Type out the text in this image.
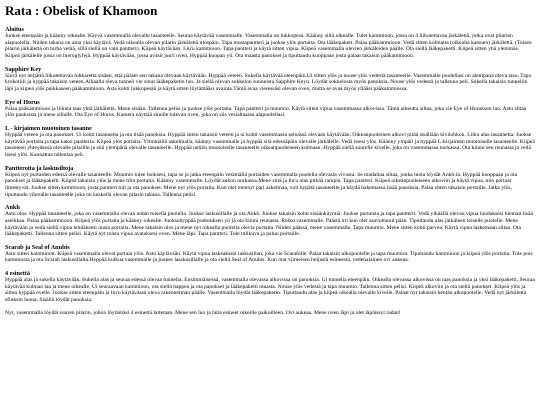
Rata : Obelisk of Khamoon
Aloitus

Juokse eteenpäin ja käänny oikealle. Käyvä vasemmalla olevalle tasanteelle. Seuraa käytävää vasemmalle. Vasemmalla on lukkopesä. Käänny siitä oikealle. Tulet kammioon, jossa on 4 liikutettavaa järkälettä, jotka ovat pilarien alapuolella. Niiden takana on aina yksi käytävä. Vedä oikealla olevan pilarin järkälettä ulospäin. Tapa mustapantteri ja juokse ylös portaita. Ota lääkepakett. Palaa pääkammioon. Vedä sitten kolmatta (oikealta katsoen) järkälettä. (Toisen pilarin järkälettä on turha vetää, sillä siellä on vain pantteri). Kiipeä käytävään. Liu'u kammioon. Tapa pantteri ja käytä sitten vipua. Kiipeä vasemmalla olevien järkäleiden päälle. Ota siellä lääkepaketti. Kiipeä sitten yhä ylemmäs. Kiipeä järkälelle jossa on hieroglyfejä. Hyppää käytävään, jossa avasit juuri oven. Hyppää kuopan yli. Ota maasta panokset ja tiputtaudu kuoppaan josta palaat takaisin pääkammioon.

Sapphire Key

Siirrä nyt neljättä liikutettavaa lohkaretta sisäen, että pääset sen takana olevaan käytävään. Hyppää veteen. Sukella käytävää eteenpäin.Ui sitten ylös ja nouse ylös vedestä tasanteelle. Vasemmalle puolellasi on alempana oleva taso. Tapa krokotiili ja hyppää takaisin veteen.Alhaalla oleva tunneli vie sinut lääkepaketin luo. Ja siellä olevan sokkelon suunnista Sapphire Keyn. Löydät sokkelosta myös panoksia. Nouse ylös vedestä ja tallenna peli. Sukella takaisin tunneliin läpi ja kiipeä ylös paikkaseen pääkammioon. Asta kohti lukkopesää ja käytä sitten löytämääsi avainta.Tämä avaa vieressäsi olevan oven, mutta se avaa myös yllääsi pääkammiossa.

Eye of Horus

Palaa pääkammioon ja liikuta taas yhtä järkälettä. Mene sisään. Tallenna pelisi ja juokse ylös portaita. Tapa pantteri ja muumio. Käytä sitten vipua vasemmassa alkovissa. Tämä aiheutta siltaa, joka vie Eye of Horuksen luo. Astu siltaa ylös pauksista ja mene sillalle. Ota Eye of Horus. Kamera näyttää sinulle tulevan oven, joka on siis vesialtaassa alapuolellasi.

I. - kirjaimen muotoinen tasanne

Hyppää veteen ja ota panokset. Ui kohti tasannetta ja ota lisää panoksia. Hyppää sitten takaisin veteen ja ui kohti vasemmassa seinässä olevaan käytävään. Oikeanpuoleinen alkovi pitää sisällään kivilohkon. Liiku alas tasannetta. Juokse käytävää portaita ja tapa kaksi pantteria. Kiipeä ylös portaita. Ylimmällä askelmalla, käänny vasemmalle ja hyppää sitä edessäpäin olevalle järkälelle. Vedä itsesi ylös. Käänny ympäri ja hyppää L-kirjaimen muotoiselle tasanteelle. Kiipeä tasanteen yhteydessä olevalle pilarille ja sitä ylempänä olevalle tasanteelle. Hyppää neliön muotoiselle tasanteelle oikeanpuoleiseen kulmaan. Hyppää siellä suurelle kivelle, joka on vasemmassa nurkassa. Ota kiinni sen reunasta ja vedä itsesi ylös. Kannattaa tallentaa peli.

Pantteroita ja laskusiltoja

Kiipeä nyt portaiden edessä olevalle tasanteelle. Muumio tulee hoiksesi, tapa se ja jatka eteenpäin vetämällä portaiden vasemmalla puolella olevasta vivusta. Se madaltaa siltaa, jonka luota löydät Ankh:in. Hyppää kuoppaan ja ota panokset ja lääkepaketti. Kiipeä takaisin ylös ja mene tilin portaita. Käänny vasemmalle. Löydät aukon nurkassa.Mene siitä ja liu'u alas pitkää rampia. Tapa pantteri. Kiipeä oikeanpuoleiseen alkoviin ja käytä vipua, min portaat ilmestyvät. Juokse sitten kammioon, josta pantteri tuli ja ota panokset. Mene nyt ylös portaita. Kun olet mennyt pari askelmaa, voit hypätä tasanteelle ja käydä hakemassa lisää panoksia. Palaa sitten takaisin portaille. Jatka ylös, tiputtaudu vihreälle tasanteelle joka on keskellä olevan pilarin takana. Tallenna pelisi.

Ankh

Astu ulos. Hyppää tasanteelle, joka on vasemmalla olevan aidan toisella puolella. Juokse laskusillalle ja ota Ankh. Juokse takaisin kohti sisäänkäyntiä. Juokse portaista ja tapa pantterit. Vedä ylhäällä olevan vipua luodaksesi hieman lisää aseikkaa. Palaa pääkammioon. Kiipeä ylös portaita ja käänny oikealle. Juoksuhyppää pudotuksen yli ja ota kiinni reunasta. Roiku vasemmalle. Päästä irti kun olet saavuttanut pään. Tiputtaudu alas järkäleen toiselle puolelle. Mene käytävään ja vedä siellä vipua tehdäksesi uusia portaita. Mene takaisin ulos ja mene nyt oikealla puolella olevia portaita. Niiden päässä, mene vasemmalle. Tapa muumio. Mene sitten kohti parvea. Käytä vipua laskemaan siltaa. Ota lääkepaketti. Tallenna sitten pelisi. Käytä nyt toista vipua avataksesi oven. Mene läpi. Tapa pantteri. Tule tulikuva ja paluu portaille.

Scarab ja Seal of Anubis

Astu sitten kammioon. Kiipeä vasemmalla olevat portaat ylös. Astu käytävään. Käytä vipua laskeaksesi laskusillan, joka vie Scarabille. Palaa takaisin ulkopuolelle ja tapa muumiot. Tiputtaudu kammioon ja kiipeä ylös portaita. Tule pois kammiosta ja ota Scarab laskusillalta.Hyppää kulkua vasemmalle ja juokse lasskusillalle ja ota sieltä Seal of Anubis. Kun otat viimeisen heijastä esineestä, vedenalainen ovi aukeaa.

4 esinettä

Hyppää alas ja sukella käytävään. Sukella alas ja seuraa edessä olevaa tunnelia. Ensimmäisessä, vasemmalla olevassa alkovissa on panoksia. Ui tunnelia eteenpäin. Oikealla olevassa alkovissa on taas panoksia ja yksi lääkepaketti. Seuraa käytävää kulman taa ja mene oikealle. Ui seuraavaan kammioon, ota siellä happea ja ota panokset ja lääkepaketti maasta. Nouse ylös vedestä ja tapa muumio. Tallenna sitten pelisi. Kiipeä alkoviin ja ota sieltä panokset. Kiipeä ylös ja sitten hyppää ovelle. Juokse sitten eteenpäin ja liu'u käytävässä oleva rakennelman päälle. Vasemmalla löydät lääkepaketin. Tiputtaudu alas ja kiipeä oikealla olevalle kivelle. Palaat nyt takaisin kentän alkupuolelle. Vedä nyt järkälettä sfinksin luona. Sisältä löydät panoksia.

Nyt, vasemmalla löydät suuren pilarin, johon löytämäsi 4 esinettä laitetaan. Mene sen luo ja laita esineet oikeille paikoilleen. Ovi aukeaa. Mene oven läpi ja olet läpäissyt radan!
